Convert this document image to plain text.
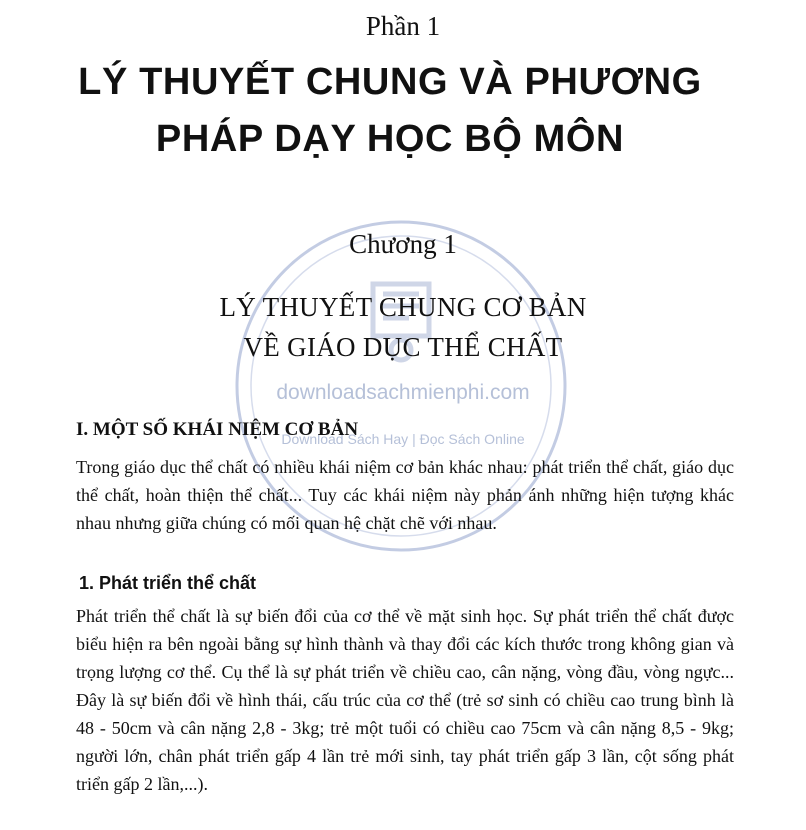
downloadsachmienphi.com
Download Sách Hay | Đọc Sách Online
Phần 1
LÝ THUYẾT CHUNG VÀ PHƯƠNG
PHÁP DẠY HỌC BỘ MÔN
Chương 1
LÝ THUYẾT CHUNG CƠ BẢN
VỀ GIÁO DỤC THỂ CHẤT
I. MỘT SỐ KHÁI NIỆM CƠ BẢN

Trong giáo dục thể chất có nhiều khái niệm cơ bản khác nhau: phát triển thể chất, giáo dục thể chất, hoàn thiện thể chất... Tuy các khái niệm này phản ánh những hiện tượng khác nhau nhưng giữa chúng có mối quan hệ chặt chẽ với nhau.

1. Phát triển thể chất

Phát triển thể chất là sự biến đổi của cơ thể về mặt sinh học. Sự phát triển thể chất được biểu hiện ra bên ngoài bằng sự hình thành và thay đổi các kích thước trong không gian và trọng lượng cơ thể. Cụ thể là sự phát triển về chiều cao, cân nặng, vòng đầu, vòng ngực... Đây là sự biến đổi về hình thái, cấu trúc của cơ thể (trẻ sơ sinh có chiều cao trung bình là 48 - 50cm và cân nặng 2,8 - 3kg; trẻ một tuổi có chiều cao 75cm và cân nặng 8,5 - 9kg; người lớn, chân phát triển gấp 4 lần trẻ mới sinh, tay phát triển gấp 3 lần, cột sống phát triển gấp 2 lần,...).
